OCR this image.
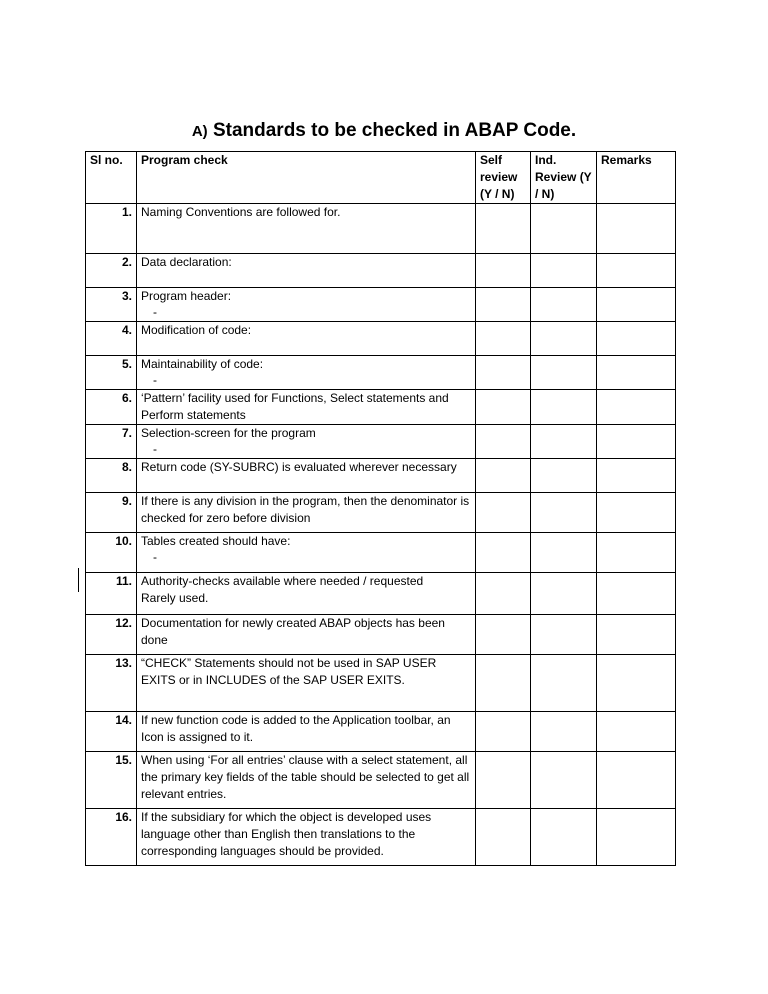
A) Standards to be checked in ABAP Code.
Sl no.	Program check	Self review (Y / N)	Ind. Review (Y / N)	Remarks
1.	Naming Conventions are followed for.			

2.	Data declaration:			

3.	Program header:
-			

4.	Modification of code:			

5.	Maintainability of code:
-			

6.	‘Pattern’ facility used for Functions, Select statements and Perform statements			

7.	Selection-screen for the program
-			

8.	Return code (SY-SUBRC) is evaluated wherever necessary			

9.	If there is any division in the program, then the denominator is checked for zero before division			

10.	Tables created should have:
-			

11.	Authority-checks available where needed / requested Rarely used.			

12.	Documentation for newly created ABAP objects has been done			

13.	“CHECK” Statements should not be used in SAP USER EXITS or in INCLUDES of the SAP USER EXITS.			

14.	If new function code is added to the Application toolbar, an Icon is assigned to it.			

15.	When using ‘For all entries’ clause with a select statement, all the primary key fields of the table should be selected to get all relevant entries.			

16.	If the subsidiary for which the object is developed uses language other than English then translations to the corresponding languages should be provided.			
